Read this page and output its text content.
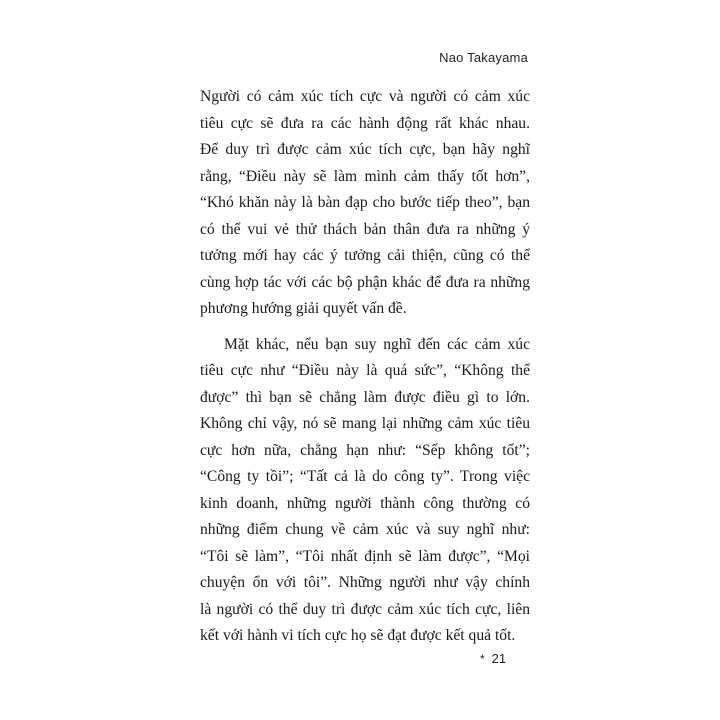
Nao Takayama
Người có cảm xúc tích cực và người có cảm xúc
tiêu cực sẽ đưa ra các hành động rất khác nhau.
Để duy trì được cảm xúc tích cực, bạn hãy nghĩ
rằng, “Điều này sẽ làm mình cảm thấy tốt hơn”,
“Khó khăn này là bàn đạp cho bước tiếp theo”, bạn
có thể vui vẻ thử thách bản thân đưa ra những ý
tưởng mới hay các ý tưởng cải thiện, cũng có thể
cùng hợp tác với các bộ phận khác để đưa ra những
phương hướng giải quyết vấn đề.
Mặt khác, nếu bạn suy nghĩ đến các cảm xúc
tiêu cực như “Điều này là quá sức”, “Không thể
được” thì bạn sẽ chẳng làm được điều gì to lớn.
Không chỉ vậy, nó sẽ mang lại những cảm xúc tiêu
cực hơn nữa, chẳng hạn như: “Sếp không tốt”;
“Công ty tồi”; “Tất cả là do công ty”. Trong việc
kinh doanh, những người thành công thường có
những điểm chung về cảm xúc và suy nghĩ như:
“Tôi sẽ làm”, “Tôi nhất định sẽ làm được”, “Mọi
chuyện ổn với tôi”. Những người như vậy chính
là người có thể duy trì được cảm xúc tích cực, liên
kết với hành vi tích cực họ sẽ đạt được kết quả tốt.
* 21
